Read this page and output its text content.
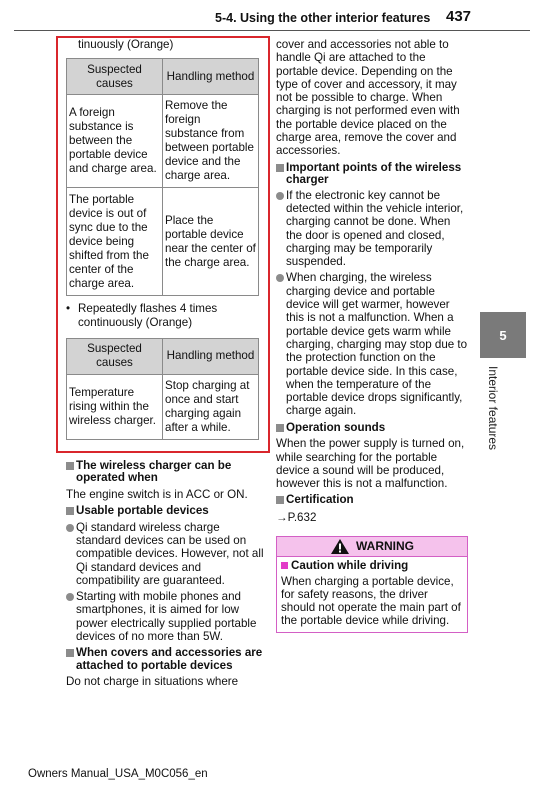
5-4. Using the other interior features 437
tinuously (Orange)
Suspected causes	Handling method
A foreign substance is between the portable device and charge area.	Remove the foreign substance from between portable device and the charge area.
The portable device is out of sync due to the device being shifted from the center of the charge area.	Place the portable device near the center of the charge area.
• Repeatedly flashes 4 times continuously (Orange)
Suspected causes	Handling method
Temperature rising within the wireless charger.	Stop charging at once and start charging again after a while.
The wireless charger can be operated when
The engine switch is in ACC or ON.
Usable portable devices
Qi standard wireless charge standard devices can be used on compatible devices. However, not all Qi standard devices and compatibility are guaranteed.
Starting with mobile phones and smartphones, it is aimed for low power electrically supplied portable devices of no more than 5W.
When covers and accessories are attached to portable devices
Do not charge in situations where
cover and accessories not able to handle Qi are attached to the portable device. Depending on the type of cover and accessory, it may not be possible to charge. When charging is not performed even with the portable device placed on the charge area, remove the cover and accessories.
Important points of the wireless charger
If the electronic key cannot be detected within the vehicle interior, charging cannot be done. When the door is opened and closed, charging may be temporarily suspended.
When charging, the wireless charging device and portable device will get warmer, however this is not a malfunction. When a portable device gets warm while charging, charging may stop due to the protection function on the portable device side. In this case, when the temperature of the portable device drops significantly, charge again.
Operation sounds
When the power supply is turned on, while searching for the portable device a sound will be produced, however this is not a malfunction.
Certification
→P.632
WARNING
Caution while driving
When charging a portable device, for safety reasons, the driver should not operate the main part of the portable device while driving.
5
Interior features
Owners Manual_USA_M0C056_en
